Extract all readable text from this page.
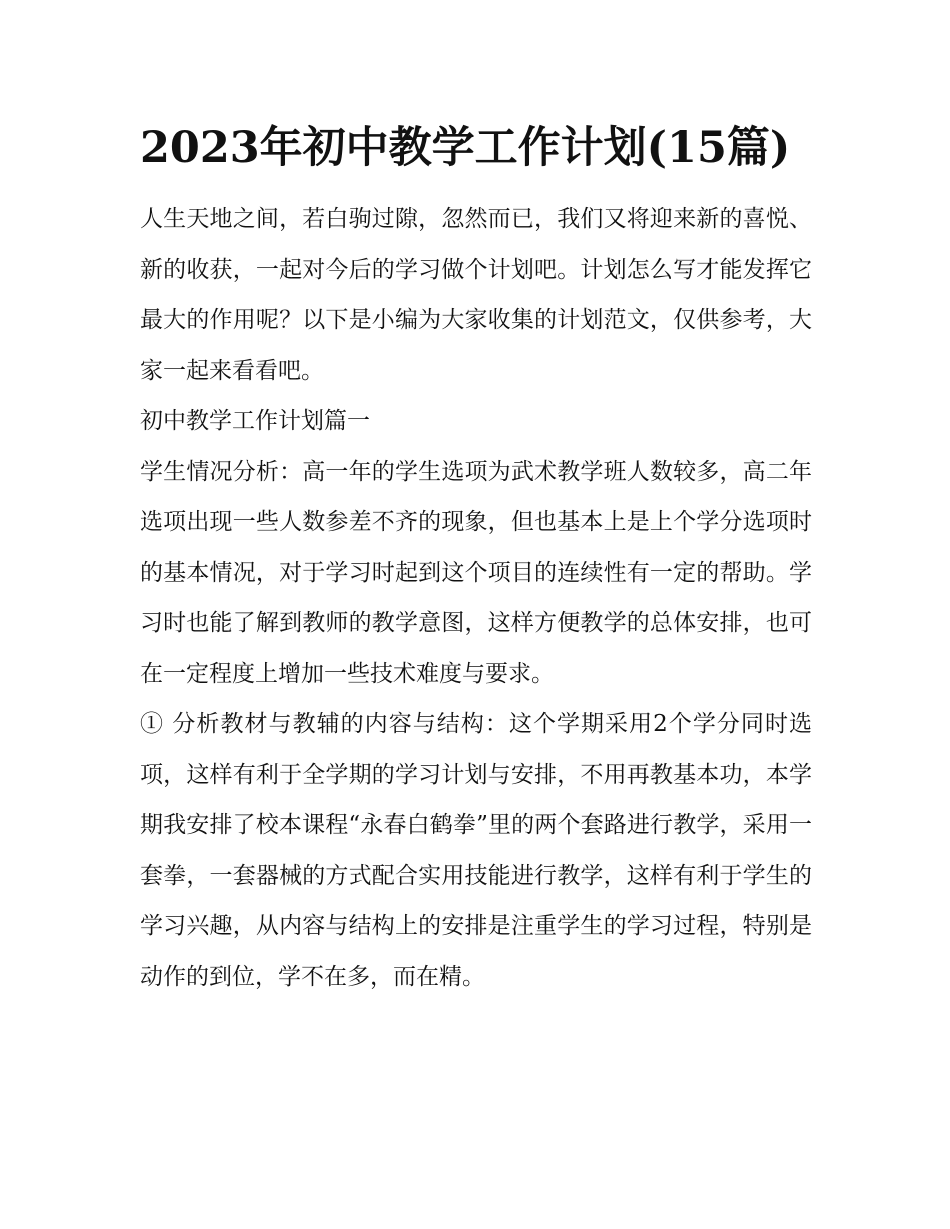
2023年初中教学工作计划(15篇)

人生天地之间，若白驹过隙，忽然而已，我们又将迎来新的喜悦、新的收获，一起对今后的学习做个计划吧。计划怎么写才能发挥它最大的作用呢？以下是小编为大家收集的计划范文，仅供参考，大家一起来看看吧。

初中教学工作计划篇一

学生情况分析：高一年的学生选项为武术教学班人数较多，高二年选项出现一些人数参差不齐的现象，但也基本上是上个学分选项时的基本情况，对于学习时起到这个项目的连续性有一定的帮助。学习时也能了解到教师的教学意图，这样方便教学的总体安排，也可在一定程度上增加一些技术难度与要求。

① 分析教材与教辅的内容与结构：这个学期采用2个学分同时选项，这样有利于全学期的学习计划与安排，不用再教基本功，本学期我安排了校本课程“永春白鹤拳”里的两个套路进行教学，采用一套拳，一套器械的方式配合实用技能进行教学，这样有利于学生的学习兴趣，从内容与结构上的安排是注重学生的学习过程，特别是动作的到位，学不在多，而在精。
